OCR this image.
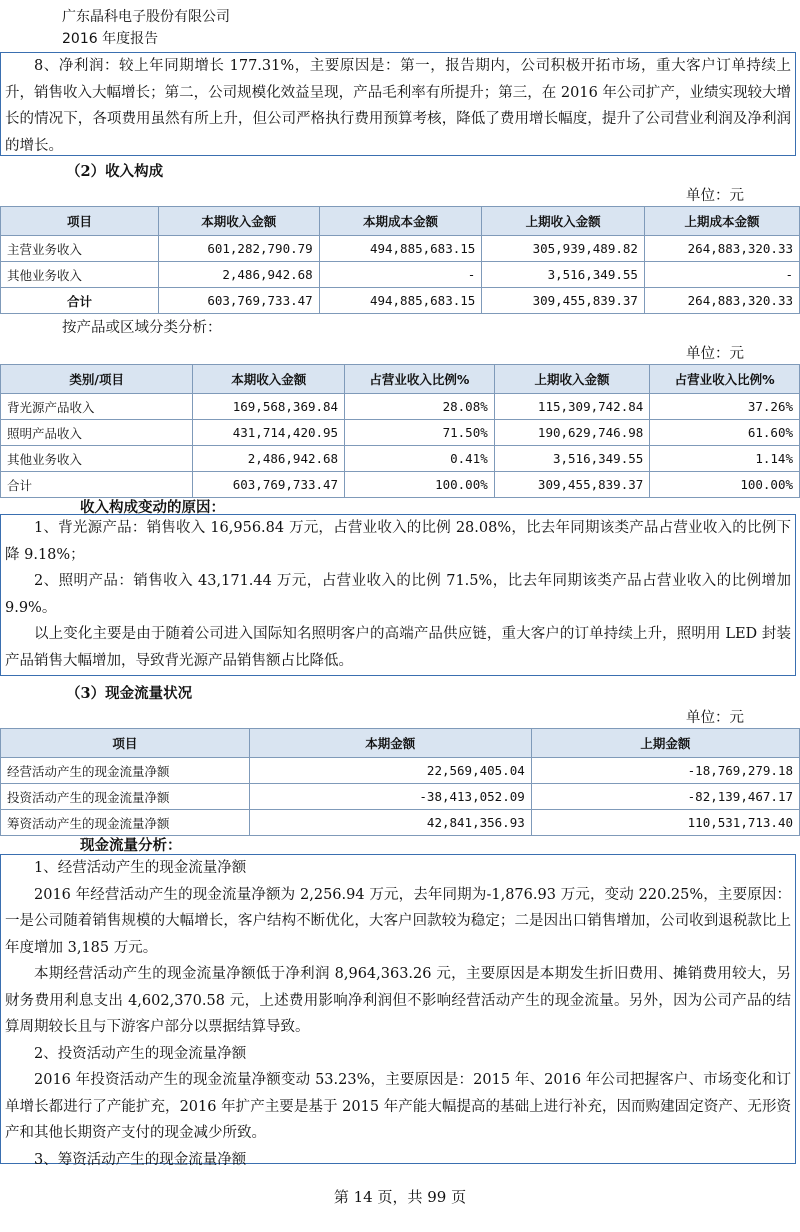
广东晶科电子股份有限公司
2016 年度报告

8、净利润：较上年同期增长 177.31%，主要原因是：第一，报告期内，公司积极开拓市场，重大客户订单持续上升，销售收入大幅增长；第二，公司规模化效益呈现，产品毛利率有所提升；第三，在 2016 年公司扩产，业绩实现较大增长的情况下，各项费用虽然有所上升，但公司严格执行费用预算考核，降低了费用增长幅度，提升了公司营业利润及净利润的增长。

（2）收入构成
单位：元
项目	本期收入金额	本期成本金额	上期收入金额	上期成本金额
主营业务收入	601,282,790.79	494,885,683.15	305,939,489.82	264,883,320.33
其他业务收入	2,486,942.68	-	3,516,349.55	-
合计	603,769,733.47	494,885,683.15	309,455,839.37	264,883,320.33
按产品或区域分类分析：
单位：元
类别/项目	本期收入金额	占营业收入比例%	上期收入金额	占营业收入比例%
背光源产品收入	169,568,369.84	28.08%	115,309,742.84	37.26%
照明产品收入	431,714,420.95	71.50%	190,629,746.98	61.60%
其他业务收入	2,486,942.68	0.41%	3,516,349.55	1.14%
合计	603,769,733.47	100.00%	309,455,839.37	100.00%
收入构成变动的原因：

1、背光源产品：销售收入 16,956.84 万元，占营业收入的比例 28.08%，比去年同期该类产品占营业收入的比例下降 9.18%；

2、照明产品：销售收入 43,171.44 万元，占营业收入的比例 71.5%，比去年同期该类产品占营业收入的比例增加 9.9%。

以上变化主要是由于随着公司进入国际知名照明客户的高端产品供应链，重大客户的订单持续上升，照明用 LED 封装产品销售大幅增加，导致背光源产品销售额占比降低。

（3）现金流量状况
单位：元
项目	本期金额	上期金额
经营活动产生的现金流量净额	22,569,405.04	-18,769,279.18
投资活动产生的现金流量净额	-38,413,052.09	-82,139,467.17
筹资活动产生的现金流量净额	42,841,356.93	110,531,713.40
现金流量分析：

1、经营活动产生的现金流量净额

2016 年经营活动产生的现金流量净额为 2,256.94 万元，去年同期为-1,876.93 万元，变动 220.25%，主要原因：一是公司随着销售规模的大幅增长，客户结构不断优化，大客户回款较为稳定；二是因出口销售增加，公司收到退税款比上年度增加 3,185 万元。

本期经营活动产生的现金流量净额低于净利润 8,964,363.26 元，主要原因是本期发生折旧费用、摊销费用较大，另财务费用利息支出 4,602,370.58 元，上述费用影响净利润但不影响经营活动产生的现金流量。另外，因为公司产品的结算周期较长且与下游客户部分以票据结算导致。

2、投资活动产生的现金流量净额

2016 年投资活动产生的现金流量净额变动 53.23%，主要原因是：2015 年、2016 年公司把握客户、市场变化和订单增长都进行了产能扩充，2016 年扩产主要是基于 2015 年产能大幅提高的基础上进行补充，因而购建固定资产、无形资产和其他长期资产支付的现金减少所致。

3、筹资活动产生的现金流量净额

第 14 页，共 99 页
